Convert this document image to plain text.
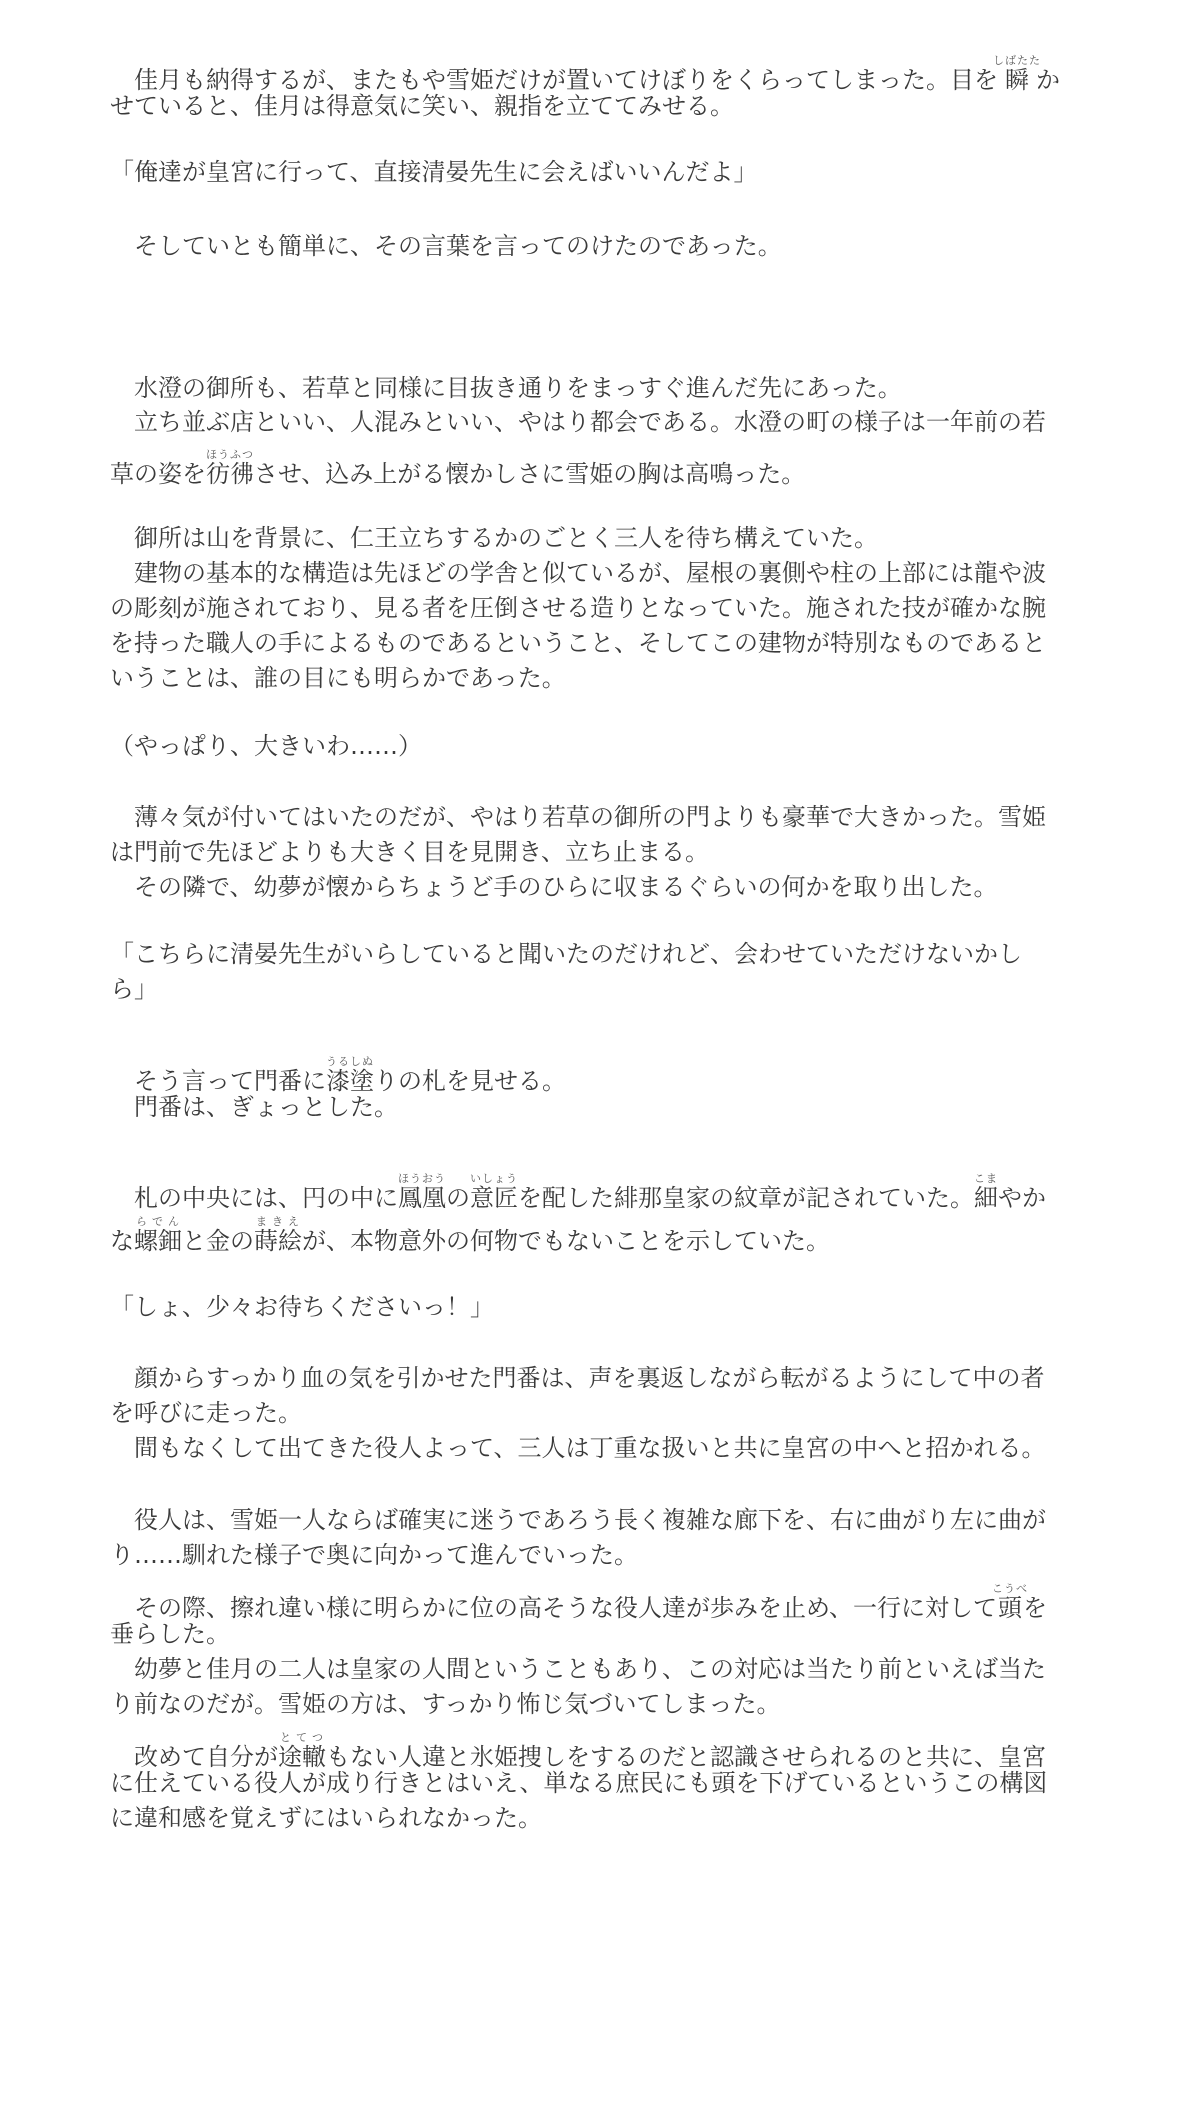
　佳月も納得するが、またもや雪姫だけが置いてけぼりをくらってしまった。目を瞬しばたたか
せていると、佳月は得意気に笑い、親指を立ててみせる。
「俺達が皇宮に行って、直接清晏先生に会えばいいんだよ」
　そしていとも簡単に、その言葉を言ってのけたのであった。
　水澄の御所も、若草と同様に目抜き通りをまっすぐ進んだ先にあった。
　立ち並ぶ店といい、人混みといい、やはり都会である。水澄の町の様子は一年前の若
草の姿を彷彿ほうふつさせ、込み上がる懐かしさに雪姫の胸は高鳴った。
　御所は山を背景に、仁王立ちするかのごとく三人を待ち構えていた。
　建物の基本的な構造は先ほどの学舎と似ているが、屋根の裏側や柱の上部には龍や波
の彫刻が施されており、見る者を圧倒させる造りとなっていた。施された技が確かな腕
を持った職人の手によるものであるということ、そしてこの建物が特別なものであると
いうことは、誰の目にも明らかであった。
（やっぱり、大きいわ……）
　薄々気が付いてはいたのだが、やはり若草の御所の門よりも豪華で大きかった。雪姫
は門前で先ほどよりも大きく目を見開き、立ち止まる。
　その隣で、幼夢が懐からちょうど手のひらに収まるぐらいの何かを取り出した。
「こちらに清晏先生がいらしていると聞いたのだけれど、会わせていただけないかし
ら」
　そう言って門番に漆塗うるしぬりの札を見せる。
　門番は、ぎょっとした。
　札の中央には、円の中に鳳凰ほうおうの意匠いしょうを配した緋那皇家の紋章が記されていた。細こまやか
な螺鈿らでんと金の蒔絵まきえが、本物意外の何物でもないことを示していた。
「しょ、少々お待ちくださいっ！」
　顔からすっかり血の気を引かせた門番は、声を裏返しながら転がるようにして中の者
を呼びに走った。
　間もなくして出てきた役人よって、三人は丁重な扱いと共に皇宮の中へと招かれる。
　役人は、雪姫一人ならば確実に迷うであろう長く複雑な廊下を、右に曲がり左に曲が
り……馴れた様子で奥に向かって進んでいった。
　その際、擦れ違い様に明らかに位の高そうな役人達が歩みを止め、一行に対して頭こうべを
垂らした。
　幼夢と佳月の二人は皇家の人間ということもあり、この対応は当たり前といえば当た
り前なのだが。雪姫の方は、すっかり怖じ気づいてしまった。
　改めて自分が途轍とてつもない人違と氷姫捜しをするのだと認識させられるのと共に、皇宮
に仕えている役人が成り行きとはいえ、単なる庶民にも頭を下げているというこの構図
に違和感を覚えずにはいられなかった。
